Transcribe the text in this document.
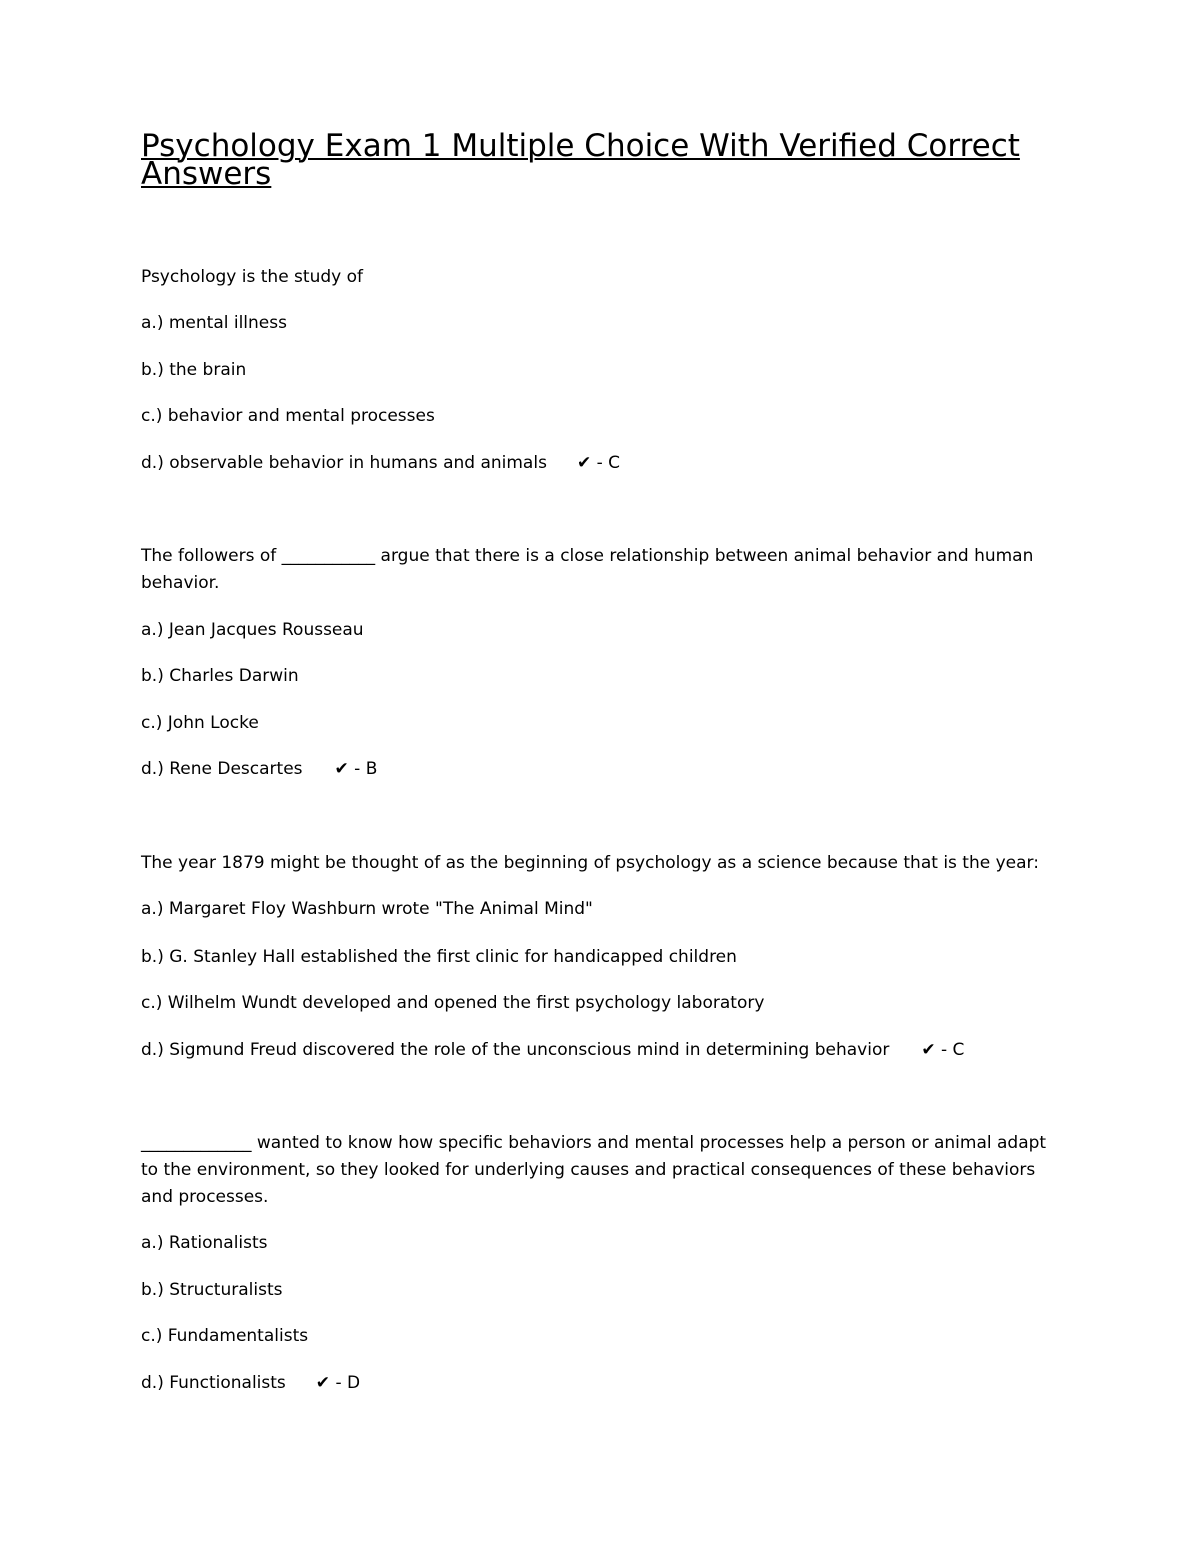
Psychology Exam 1 Multiple Choice With Verified Correct Answers

Psychology is the study of

a.) mental illness

b.) the brain

c.) behavior and mental processes

d.) observable behavior in humans and animals ✔ - C

The followers of ___________ argue that there is a close relationship between animal behavior and human behavior.

a.) Jean Jacques Rousseau

b.) Charles Darwin

c.) John Locke

d.) Rene Descartes ✔ - B

The year 1879 might be thought of as the beginning of psychology as a science because that is the year:

a.) Margaret Floy Washburn wrote "The Animal Mind"

b.) G. Stanley Hall established the first clinic for handicapped children

c.) Wilhelm Wundt developed and opened the first psychology laboratory

d.) Sigmund Freud discovered the role of the unconscious mind in determining behavior ✔ - C

_____________ wanted to know how specific behaviors and mental processes help a person or animal adapt to the environment, so they looked for underlying causes and practical consequences of these behaviors and processes.

a.) Rationalists

b.) Structuralists

c.) Fundamentalists

d.) Functionalists ✔ - D
